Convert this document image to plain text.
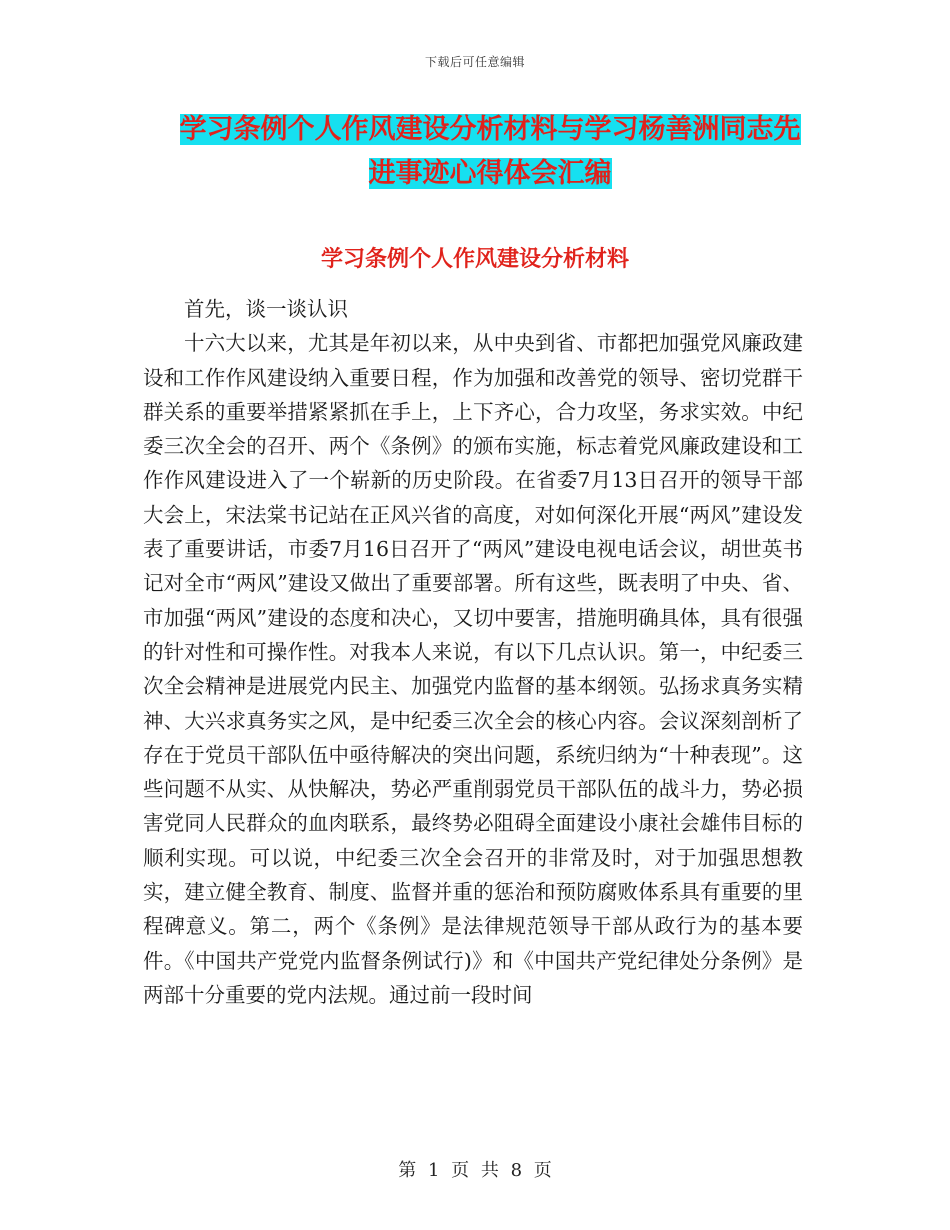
下载后可任意编辑
学习条例个人作风建设分析材料与学习杨善洲同志先
进事迹心得体会汇编
学习条例个人作风建设分析材料

首先，谈一谈认识

十六大以来，尤其是年初以来，从中央到省、市都把加强党风廉政建设和工作作风建设纳入重要日程，作为加强和改善党的领导、密切党群干群关系的重要举措紧紧抓在手上，上下齐心，合力攻坚，务求实效。中纪委三次全会的召开、两个《条例》的颁布实施，标志着党风廉政建设和工作作风建设进入了一个崭新的历史阶段。在省委7月13日召开的领导干部大会上，宋法棠书记站在正风兴省的高度，对如何深化开展“两风”建设发表了重要讲话，市委7月16日召开了“两风”建设电视电话会议，胡世英书记对全市“两风”建设又做出了重要部署。所有这些，既表明了中央、省、市加强“两风”建设的态度和决心，又切中要害，措施明确具体，具有很强的针对性和可操作性。对我本人来说，有以下几点认识。第一，中纪委三次全会精神是进展党内民主、加强党内监督的基本纲领。弘扬求真务实精神、大兴求真务实之风，是中纪委三次全会的核心内容。会议深刻剖析了存在于党员干部队伍中亟待解决的突出问题，系统归纳为“十种表现”。这些问题不从实、从快解决，势必严重削弱党员干部队伍的战斗力，势必损害党同人民群众的血肉联系，最终势必阻碍全面建设小康社会雄伟目标的顺利实现。可以说，中纪委三次全会召开的非常及时，对于加强思想教实，建立健全教育、制度、监督并重的惩治和预防腐败体系具有重要的里程碑意义。第二，两个《条例》是法律规范领导干部从政行为的基本要件。《中国共产党党内监督条例试行)》和《中国共产党纪律处分条例》是两部十分重要的党内法规。通过前一段时间

第 1 页 共 8 页
